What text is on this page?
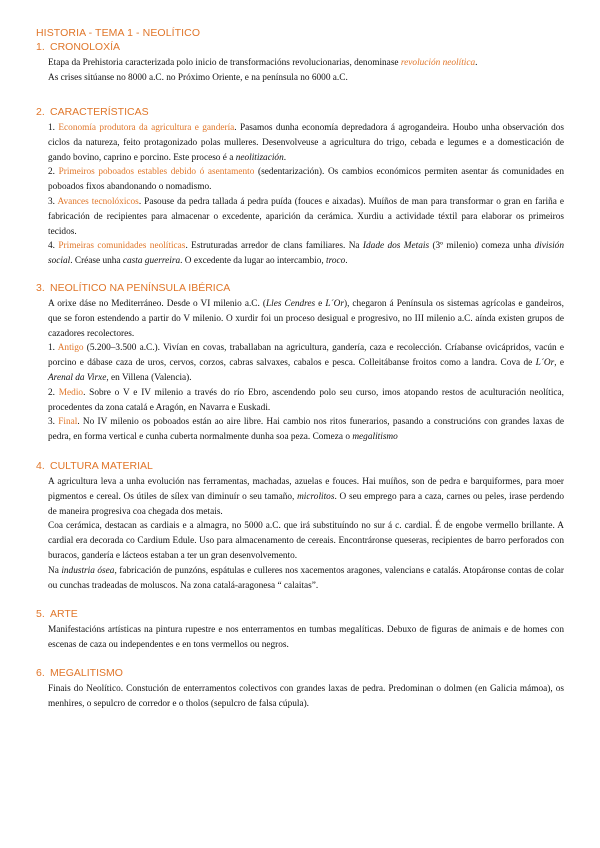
HISTORIA - TEMA 1 - NEOLÍTICO
1. CRONOLOXÍA

Etapa da Prehistoria caracterizada polo inicio de transformacións revolucionarias, denominase revolución neolítica.

As crises sitúanse no 8000 a.C. no Próximo Oriente, e na península no 6000 a.C.

2. CARACTERÍSTICAS

1. Economía produtora da agricultura e gandería. Pasamos dunha economía depredadora á agrogandeira. Houbo unha observación dos ciclos da natureza, feito protagonizado polas mulleres. Desenvolveuse a agricultura do trigo, cebada e legumes e a domesticación de gando bovino, caprino e porcino. Este proceso é a neolitización.

2. Primeiros poboados estables debido ó asentamento (sedentarización). Os cambios económicos permiten asentar ás comunidades en poboados fixos abandonando o nomadismo.

3. Avances tecnolóxicos. Pasouse da pedra tallada á pedra puída (fouces e aixadas). Muíños de man para transformar o gran en fariña e fabricación de recipientes para almacenar o excedente, aparición da cerámica. Xurdiu a actividade téxtil para elaborar os primeiros tecidos.

4. Primeiras comunidades neolíticas. Estruturadas arredor de clans familiares. Na Idade dos Metais (3º milenio) comeza unha división social. Créase unha casta guerreira. O excedente da lugar ao intercambio, troco.

3. NEOLÍTICO NA PENÍNSULA IBÉRICA

A orixe dáse no Mediterráneo. Desde o VI milenio a.C. (Lles Cendres e L´Or), chegaron á Península os sistemas agrícolas e gandeiros, que se foron estendendo a partir do V milenio. O xurdir foi un proceso desigual e progresivo, no III milenio a.C. aínda existen grupos de cazadores recolectores.

1. Antigo (5.200–3.500 a.C.). Vivían en covas, traballaban na agricultura, gandería, caza e recolección. Críabanse ovicápridos, vacún e porcino e dábase caza de uros, cervos, corzos, cabras salvaxes, cabalos e pesca. Colleitábanse froitos como a landra. Cova de L´Or, e Arenal da Virxe, en Villena (Valencia).

2. Medio. Sobre o V e IV milenio a través do río Ebro, ascendendo polo seu curso, imos atopando restos de aculturación neolítica, procedentes da zona catalá e Aragón, en Navarra e Euskadi.

3. Final. No IV milenio os poboados están ao aire libre. Hai cambio nos ritos funerarios, pasando a construcións con grandes laxas de pedra, en forma vertical e cunha cuberta normalmente dunha soa peza. Comeza o megalitismo

4. CULTURA MATERIAL

A agricultura leva a unha evolución nas ferramentas, machadas, azuelas e fouces. Hai muíños, son de pedra e barquiformes, para moer pigmentos e cereal. Os útiles de sílex van diminuír o seu tamaño, microlitos. O seu emprego para a caza, carnes ou peles, irase perdendo de maneira progresiva coa chegada dos metais.

Coa cerámica, destacan as cardiais e a almagra, no 5000 a.C. que irá substituíndo no sur á c. cardial. É de engobe vermello brillante. A cardial era decorada co Cardium Edule. Uso para almacenamento de cereais. Encontráronse queseras, recipientes de barro perforados con buracos, gandería e lácteos estaban a ter un gran desenvolvemento.

Na industria ósea, fabricación de punzóns, espátulas e culleres nos xacementos aragones, valencians e catalás. Atopáronse contas de colar ou cunchas tradeadas de moluscos. Na zona catalá-aragonesa “ calaitas”.

5. ARTE

Manifestacións artísticas na pintura rupestre e nos enterramentos en tumbas megalíticas. Debuxo de figuras de animais e de homes con escenas de caza ou independentes e en tons vermellos ou negros.

6. MEGALITISMO

Finais do Neolítico. Constución de enterramentos colectivos con grandes laxas de pedra. Predominan o dolmen (en Galicia mámoa), os menhires, o sepulcro de corredor e o tholos (sepulcro de falsa cúpula).
